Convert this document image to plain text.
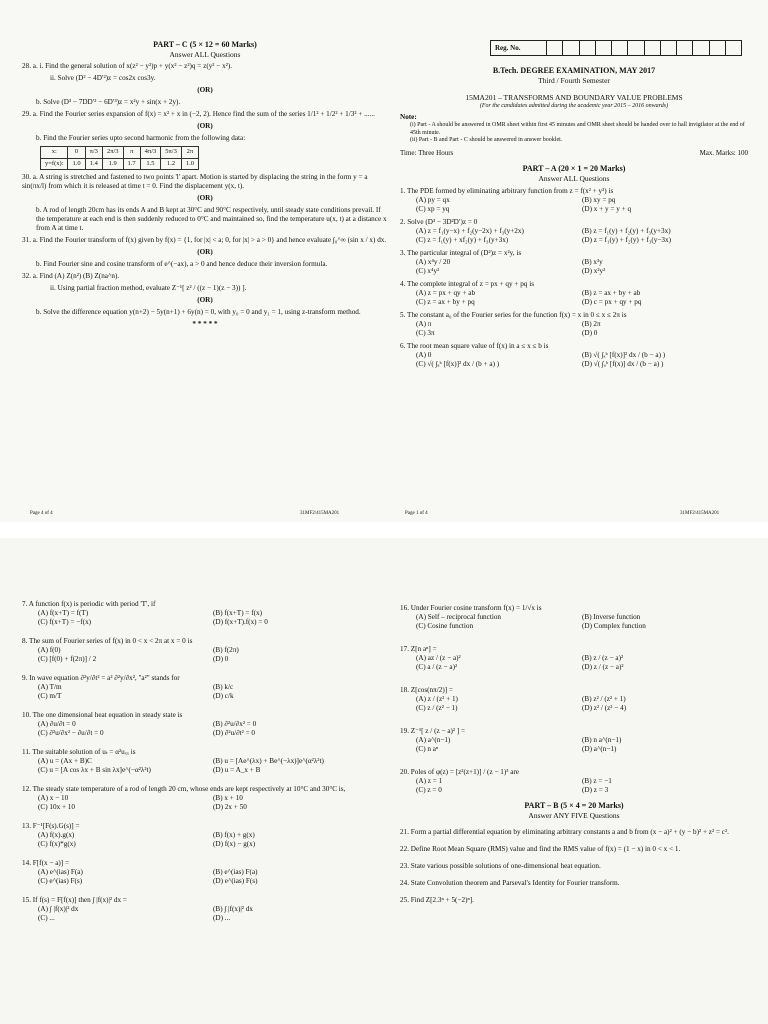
PART – C (5 × 12 = 60 Marks)
Answer ALL Questions
28. a. i. Find the general solution of x(z² − y²)p + y(x² − z²)q = z(y² − x²).
ii. Solve (D² − 4D′²)z = cos2x cos3y.
(OR)
b. Solve (D³ − 7DD′² − 6D′³)z = x²y + sin(x + 2y).
29. a. Find the Fourier series expansion of f(x) = x² + x in (−2, 2). Hence find the sum of the series 1/1² + 1/2² + 1/3² + ......
(OR)
b. Find the Fourier series upto second harmonic from the following data:
x:	0	π/3	2π/3	π	4π/3	5π/3	2π
y=f(x):	1.0	1.4	1.9	1.7	1.5	1.2	1.0
30. a. A string is stretched and fastened to two points 'l' apart. Motion is started by displacing the string in the form y = a sin(πx/l) from which it is released at time t = 0. Find the displacement y(x, t).
(OR)
b. A rod of length 20cm has its ends A and B kept at 30°C and 90°C respectively, until steady state conditions prevail. If the temperature at each end is then suddenly reduced to 0°C and maintained so, find the temperature u(x, t) at a distance x from A at time t.
31. a. Find the Fourier transform of f(x) given by f(x) = {1, for |x| < a; 0, for |x| > a > 0} and hence evaluate ∫₀^∞ (sin x / x) dx.
(OR)
b. Find Fourier sine and cosine transform of e^(−ax), a > 0 and hence deduce their inversion formula.
32. a. Find (A) Z(n²) (B) Z(na^n).
ii. Using partial fraction method, evaluate Z⁻¹[ z² / ((z − 1)(z − 3)) ].
(OR)
b. Solve the difference equation y(n+2) − 5y(n+1) + 6y(n) = 0, with y₀ = 0 and y₁ = 1, using z-transform method.
* * * * *
Page 4 of 4	31MF2/415MA201
Reg. No.
B.Tech. DEGREE EXAMINATION, MAY 2017
Third / Fourth Semester
15MA201 – TRANSFORMS AND BOUNDARY VALUE PROBLEMS
(For the candidates admitted during the academic year 2015 – 2016 onwards)
Note:
(i) Part - A should be answered in OMR sheet within first 45 minutes and OMR sheet should be handed over to hall invigilator at the end of 45th minute.
(ii) Part - B and Part - C should be answered in answer booklet.
Time: Three Hours	Max. Marks: 100
PART – A (20 × 1 = 20 Marks)
Answer ALL Questions
1. The PDE formed by eliminating arbitrary function from z = f(x² + y²) is
(A) py = qx	(B) xy = pq
(C) xp = yq	(D) x + y = y + q
2. Solve (D³ − 3D²D′)z = 0
(A) z = f₁(y−x) + f₂(y−2x) + f₃(y+2x)	(B) z = f₁(y) + f₂(y) + f₃(y+3x)
(C) z = f₁(y) + xf₂(y) + f₃(y+3x)	(D) z = f₁(y) + f₂(y) + f₃(y−3x)
3. The particular integral of (D²)z = x²y, is
(A) x⁴y / 20	(B) x³y
(C) x⁴y²	(D) x²y²
4. The complete integral of z = px + qy + pq is
(A) z = px + qy + ab	(B) z = ax + by + ab
(C) z = ax + by + pq	(D) c = px + qy + pq
5. The constant a₀ of the Fourier series for the function f(x) = x in 0 ≤ x ≤ 2π is
(A) π	(B) 2π
(C) 3π	(D) 0
6. The root mean square value of f(x) in a ≤ x ≤ b is
(A) 0	(B) √( ∫ₐᵇ [f(x)]² dx / (b − a) )
(C) √( ∫ₐᵇ [f(x)]² dx / (b + a) )	(D) √( ∫ₐᵇ [f(x)] dx / (b − a) )
Page 1 of 4	31MF2/415MA201
7. A function f(x) is periodic with period 'T', if
(A) f(x+T) = f(T)	(B) f(x+T) = f(x)
(C) f(x+T) = −f(x)	(D) f(x+T).f(x) = 0
8. The sum of Fourier series of f(x) in 0 < x < 2π at x = 0 is
(A) f(0)	(B) f(2π)
(C) [f(0) + f(2π)] / 2	(D) 0
9. In wave equation ∂²y/∂t² = a² ∂²y/∂x², "a²" stands for
(A) T/m	(B) k/c
(C) m/T	(D) c/k
10. The one dimensional heat equation in steady state is
(A) ∂u/∂t = 0	(B) ∂²u/∂x² = 0
(C) ∂²u/∂x² − ∂u/∂t = 0	(D) ∂²u/∂t² = 0
11. The suitable solution of uₜ = α²uₓₓ is
(A) u = (Ax + B)C	(B) u = [Ae^(λx) + Be^(−λx)]e^(α²λ²t)
(C) u = [A cos λx + B sin λx]e^(−α²λ²t)	(D) u = A_x + B
12. The steady state temperature of a rod of length 20 cm, whose ends are kept respectively at 10°C and 30°C is,
(A) x − 10	(B) x + 10
(C) 10x + 10	(D) 2x + 50
13. F⁻¹[F(s).G(s)] =
(A) f(x).g(x)	(B) f(x) + g(x)
(C) f(x)*g(x)	(D) f(x) − g(x)
14. F[f(x − a)] =
(A) e^(ias) F(a)	(B) e^(ias) F(a)
(C) e^(ias) F(s)	(D) e^(ias) F(s)
15. If f(s) = F[f(x)] then ∫ |f(x)|² dx =
(A) ∫ |f(x)|² dx	(B) ∫ |f(x)|² dx
(C) ...	(D) ...
16. Under Fourier cosine transform f(x) = 1/√x is
(A) Self – reciprocal function	(B) Inverse function
(C) Cosine function	(D) Complex function
17. Z[n aⁿ] =
(A) az / (z − a)²	(B) z / (z − a)²
(C) a / (z − a)²	(D) z / (z − a)²
18. Z[cos(nπ/2)] =
(A) z / (z² + 1)	(B) z² / (z² + 1)
(C) z / (z² − 1)	(D) z² / (z² − 4)
19. Z⁻¹[ z / (z − a)² ] =
(A) a^(n−1)	(B) n a^(n−1)
(C) n aⁿ	(D) a^(n−1)
20. Poles of φ(z) = [z²(z+1)] / (z − 1)³ are
(A) z = 1	(B) z = −1
(C) z = 0	(D) z = 3
PART – B (5 × 4 = 20 Marks)
Answer ANY FIVE Questions
21. Form a partial differential equation by eliminating arbitrary constants a and b from (x − a)² + (y − b)² + z² = c².
22. Define Root Mean Square (RMS) value and find the RMS value of f(x) = (1 − x) in 0 < x < 1.
23. State various possible solutions of one-dimensional heat equation.
24. State Convolution theorem and Parseval's Identity for Fourier transform.
25. Find Z[2.3ⁿ + 5(−2)ⁿ].
